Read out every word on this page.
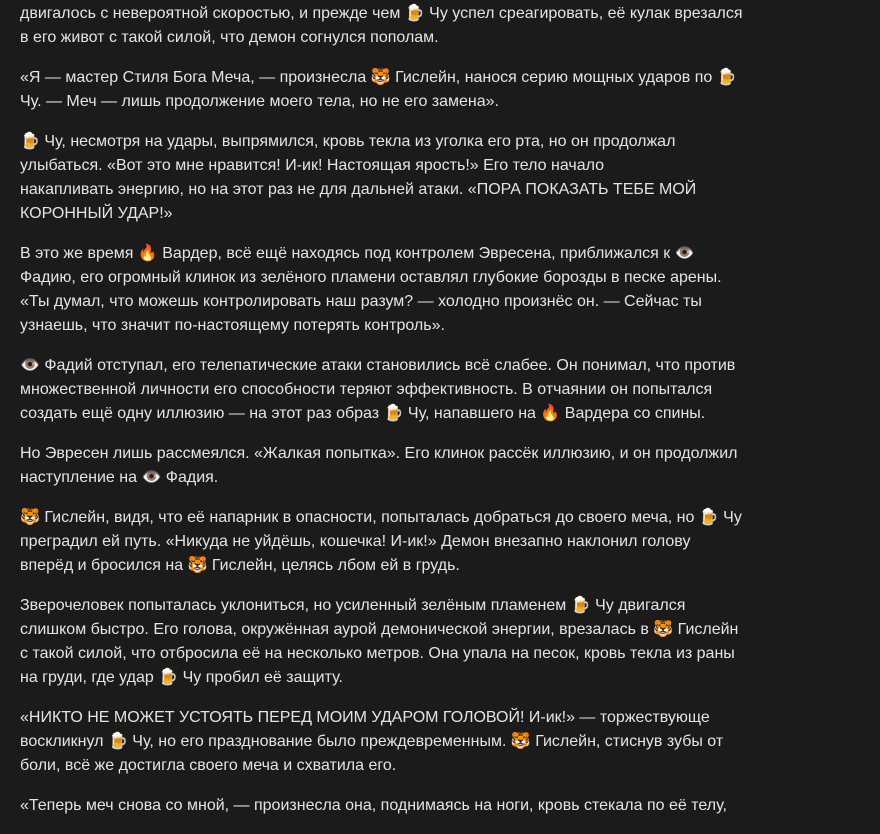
двигалось с невероятной скоростью, и прежде чем 🍺 Чу успел среагировать, её кулак врезался
в его живот с такой силой, что демон согнулся пополам.

«Я — мастер Стиля Бога Меча, — произнесла 🐯 Гислейн, нанося серию мощных ударов по 🍺
Чу. — Меч — лишь продолжение моего тела, но не его замена».

🍺 Чу, несмотря на удары, выпрямился, кровь текла из уголка его рта, но он продолжал
улыбаться. «Вот это мне нравится! И-ик! Настоящая ярость!» Его тело начало
накапливать энергию, но на этот раз не для дальней атаки. «ПОРА ПОКАЗАТЬ ТЕБЕ МОЙ
КОРОННЫЙ УДАР!»

В это же время 🔥 Вардер, всё ещё находясь под контролем Эвресена, приближался к 👁️
Фадию, его огромный клинок из зелёного пламени оставлял глубокие борозды в песке арены.
«Ты думал, что можешь контролировать наш разум? — холодно произнёс он. — Сейчас ты
узнаешь, что значит по-настоящему потерять контроль».

👁️ Фадий отступал, его телепатические атаки становились всё слабее. Он понимал, что против
множественной личности его способности теряют эффективность. В отчаянии он попытался
создать ещё одну иллюзию — на этот раз образ 🍺 Чу, напавшего на 🔥 Вардера со спины.

Но Эвресен лишь рассмеялся. «Жалкая попытка». Его клинок рассёк иллюзию, и он продолжил
наступление на 👁️ Фадия.

🐯 Гислейн, видя, что её напарник в опасности, попыталась добраться до своего меча, но 🍺 Чу
преградил ей путь. «Никуда не уйдёшь, кошечка! И-ик!» Демон внезапно наклонил голову
вперёд и бросился на 🐯 Гислейн, целясь лбом ей в грудь.

Зверочеловек попыталась уклониться, но усиленный зелёным пламенем 🍺 Чу двигался
слишком быстро. Его голова, окружённая аурой демонической энергии, врезалась в 🐯 Гислейн
с такой силой, что отбросила её на несколько метров. Она упала на песок, кровь текла из раны
на груди, где удар 🍺 Чу пробил её защиту.

«НИКТО НЕ МОЖЕТ УСТОЯТЬ ПЕРЕД МОИМ УДАРОМ ГОЛОВОЙ! И-ик!» — торжествующе
воскликнул 🍺 Чу, но его празднование было преждевременным. 🐯 Гислейн, стиснув зубы от
боли, всё же достигла своего меча и схватила его.

«Теперь меч снова со мной, — произнесла она, поднимаясь на ноги, кровь стекала по её телу,
